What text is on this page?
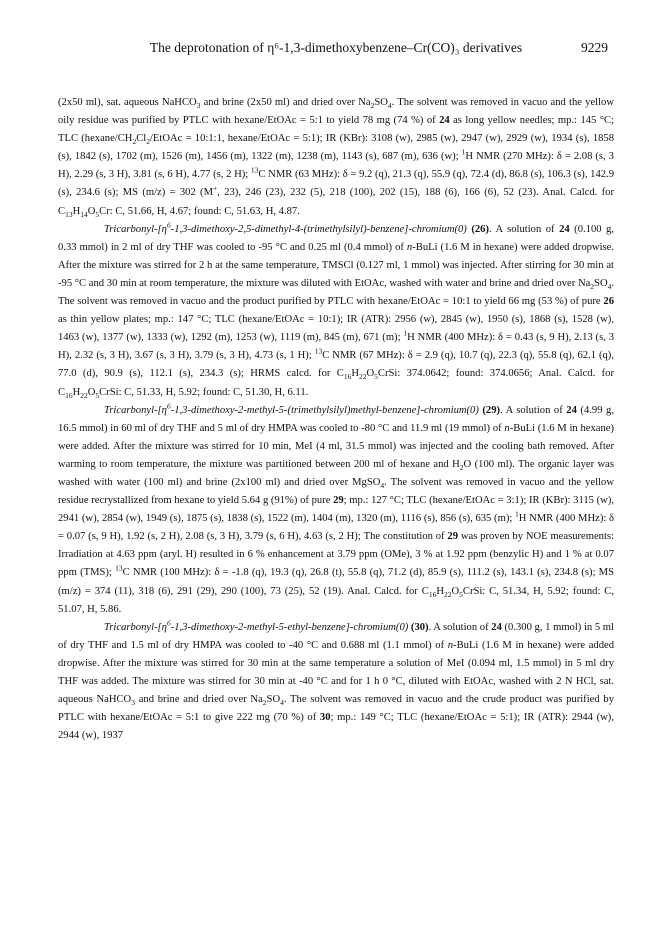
The deprotonation of η⁶-1,3-dimethoxybenzene–Cr(CO)₃ derivatives	9229

(2x50 ml), sat. aqueous NaHCO$_3$ and brine (2x50 ml) and dried over $Na_2SO_4$. The solvent was removed in vacuo and the yellow oily residue was purified by PTLC with hexane/EtOAc = 5:1 to yield 78 mg (74 %) of 24 as long yellow needles; mp.: 145 °C; TLC ($hexane/CH_2Cl_2$/EtOAc = 10:1:1, hexane/EtOAc = 5:1); IR (KBr): 3108 (w), 2985 (w), 2947 (w), 2929 (w), 1934 (s), 1858 (s), 1842 (s), 1702 (m), 1526 (m), 1456 (m), 1322 (m), 1238 (m), 1143 (s), 687 (m), 636 (w); $^1$H NMR (270 MHz): δ = 2.08 (s, 3 H), 2.29 (s, 3 H), 3.81 (s, 6 H), 4.77 (s, 2 H); $^{13}$C NMR (63 MHz): δ = 9.2 (q), 21.3 (q), 55.9 (q), 72.4 (d), 86.8 (s), 106.3 (s), 142.9 (s), 234.6 (s); MS (m/z) = 302 (M+, 23), 246 (23), 232 (5), 218 (100), 202 (15), 188 (6), 166 (6), 52 (23). Anal. Calcd. for $C_{13}H_{14}O_5Cr$: C, 51.66, H, 4.67; found: C, 51.63, H, 4.87.

Tricarbonyl-$[\eta^6-1,3-dimethoxy-2,5-dimethyl-4-(trimethylsilyl)-benzene]-chromium(0)$ (26). A solution of 24 (0.100 g, 0.33 mmol) in 2 ml of dry THF was cooled to -95 °C and 0.25 ml (0.4 mmol) of n-BuLi (1.6 M in hexane) were added dropwise. After the mixture was stirred for 2 h at the same temperature, TMSCl (0.127 ml, 1 mmol) was injected. After stirring for 30 min at -95 °C and 30 min at room temperature, the mixture was diluted with EtOAc, washed with water and brine and dried over $Na_2SO_4$. The solvent was removed in vacuo and the product purified by PTLC with hexane/EtOAc = 10:1 to yield 66 mg (53 %) of pure 26 as thin yellow plates; mp.: 147 °C; TLC (hexane/EtOAc = 10:1); IR (ATR): 2956 (w), 2845 (w), 1950 (s), 1868 (s), 1528 (w), 1463 (w), 1377 (w), 1333 (w), 1292 (m), 1253 (w), 1119 (m), 845 (m), 671 (m); $^1$H NMR (400 MHz): δ = 0.43 (s, 9 H), 2.13 (s, 3 H), 2.32 (s, 3 H), 3.67 (s, 3 H), 3.79 (s, 3 H), 4.73 (s, 1 H); $^{13}$C NMR (67 MHz): δ = 2.9 (q), 10.7 (q), 22.3 (q), 55.8 (q), 62.1 (q), 77.0 (d), 90.9 (s), 112.1 (s), 234.3 (s); HRMS calcd. for $C_{16}H_{22}O_5CrSi$: 374.0642; found: 374.0656; Anal. Calcd. for $C_{16}H_{22}O_5CrSi$: C, 51.33, H, 5.92; found: C, 51.30, H, 6.11.

Tricarbonyl-$[\eta^6-1,3-dimethoxy-2-methyl-5-(trimethylsilyl)methyl-benzene]-chromium(0)$ (29). A solution of 24 (4.99 g, 16.5 mmol) in 60 ml of dry THF and 5 ml of dry HMPA was cooled to -80 °C and 11.9 ml (19 mmol) of n-BuLi (1.6 M in hexane) were added. After the mixture was stirred for 10 min, MeI (4 ml, 31.5 mmol) was injected and the cooling bath removed. After warming to room temperature, the mixture was partitioned between 200 ml of hexane and $H_2O$ (100 ml). The organic layer was washed with water (100 ml) and brine (2x100 ml) and dried over MgSO$_4$. The solvent was removed in vacuo and the yellow residue recrystallized from hexane to yield 5.64 g (91%) of pure 29; mp.: 127 °C; TLC (hexane/EtOAc = 3:1); IR (KBr): 3115 (w), 2941 (w), 2854 (w), 1949 (s), 1875 (s), 1838 (s), 1522 (m), 1404 (m), 1320 (m), 1116 (s), 856 (s), 635 (m); $^1$H NMR (400 MHz): δ = 0.07 (s, 9 H), 1.92 (s, 2 H), 2.08 (s, 3 H), 3.79 (s, 6 H), 4.63 (s, 2 H); The constitution of 29 was proven by NOE measurements: Irradiation at 4.63 ppm (aryl. H) resulted in 6 % enhancement at 3.79 ppm (OMe), 3 % at 1.92 ppm (benzylic H) and 1 % at 0.07 ppm (TMS); $^{13}$C NMR (100 MHz): δ = -1.8 (q), 19.3 (q), 26.8 (t), 55.8 (q), 71.2 (d), 85.9 (s), 111.2 (s), 143.1 (s), 234.8 (s); MS (m/z) = 374 (11), 318 (6), 291 (29), 290 (100), 73 (25), 52 (19). Anal. Calcd. for $C_{16}H_{22}O_5CrSi$: C, 51.34, H, 5.92; found: C, 51.07, H, 5.86.

Tricarbonyl-$[\eta^6-1,3-dimethoxy-2-methyl-5-ethyl-benzene]-chromium(0)$ (30). A solution of 24 (0.300 g, 1 mmol) in 5 ml of dry THF and 1.5 ml of dry HMPA was cooled to -40 °C and 0.688 ml (1.1 mmol) of n-BuLi (1.6 M in hexane) were added dropwise. After the mixture was stirred for 30 min at the same temperature a solution of MeI (0.094 ml, 1.5 mmol) in 5 ml dry THF was added. The mixture was stirred for 30 min at -40 °C and for 1 h 0 °C, diluted with EtOAc, washed with 2 N HCl, sat. aqueous NaHCO$_3$ and brine and dried over $Na_2SO_4$. The solvent was removed in vacuo and the crude product was purified by PTLC with hexane/EtOAc = 5:1 to give 222 mg (70 %) of 30; mp.: 149 °C; TLC (hexane/EtOAc = 5:1); IR (ATR): 2944 (w), 2944 (w), 1937
